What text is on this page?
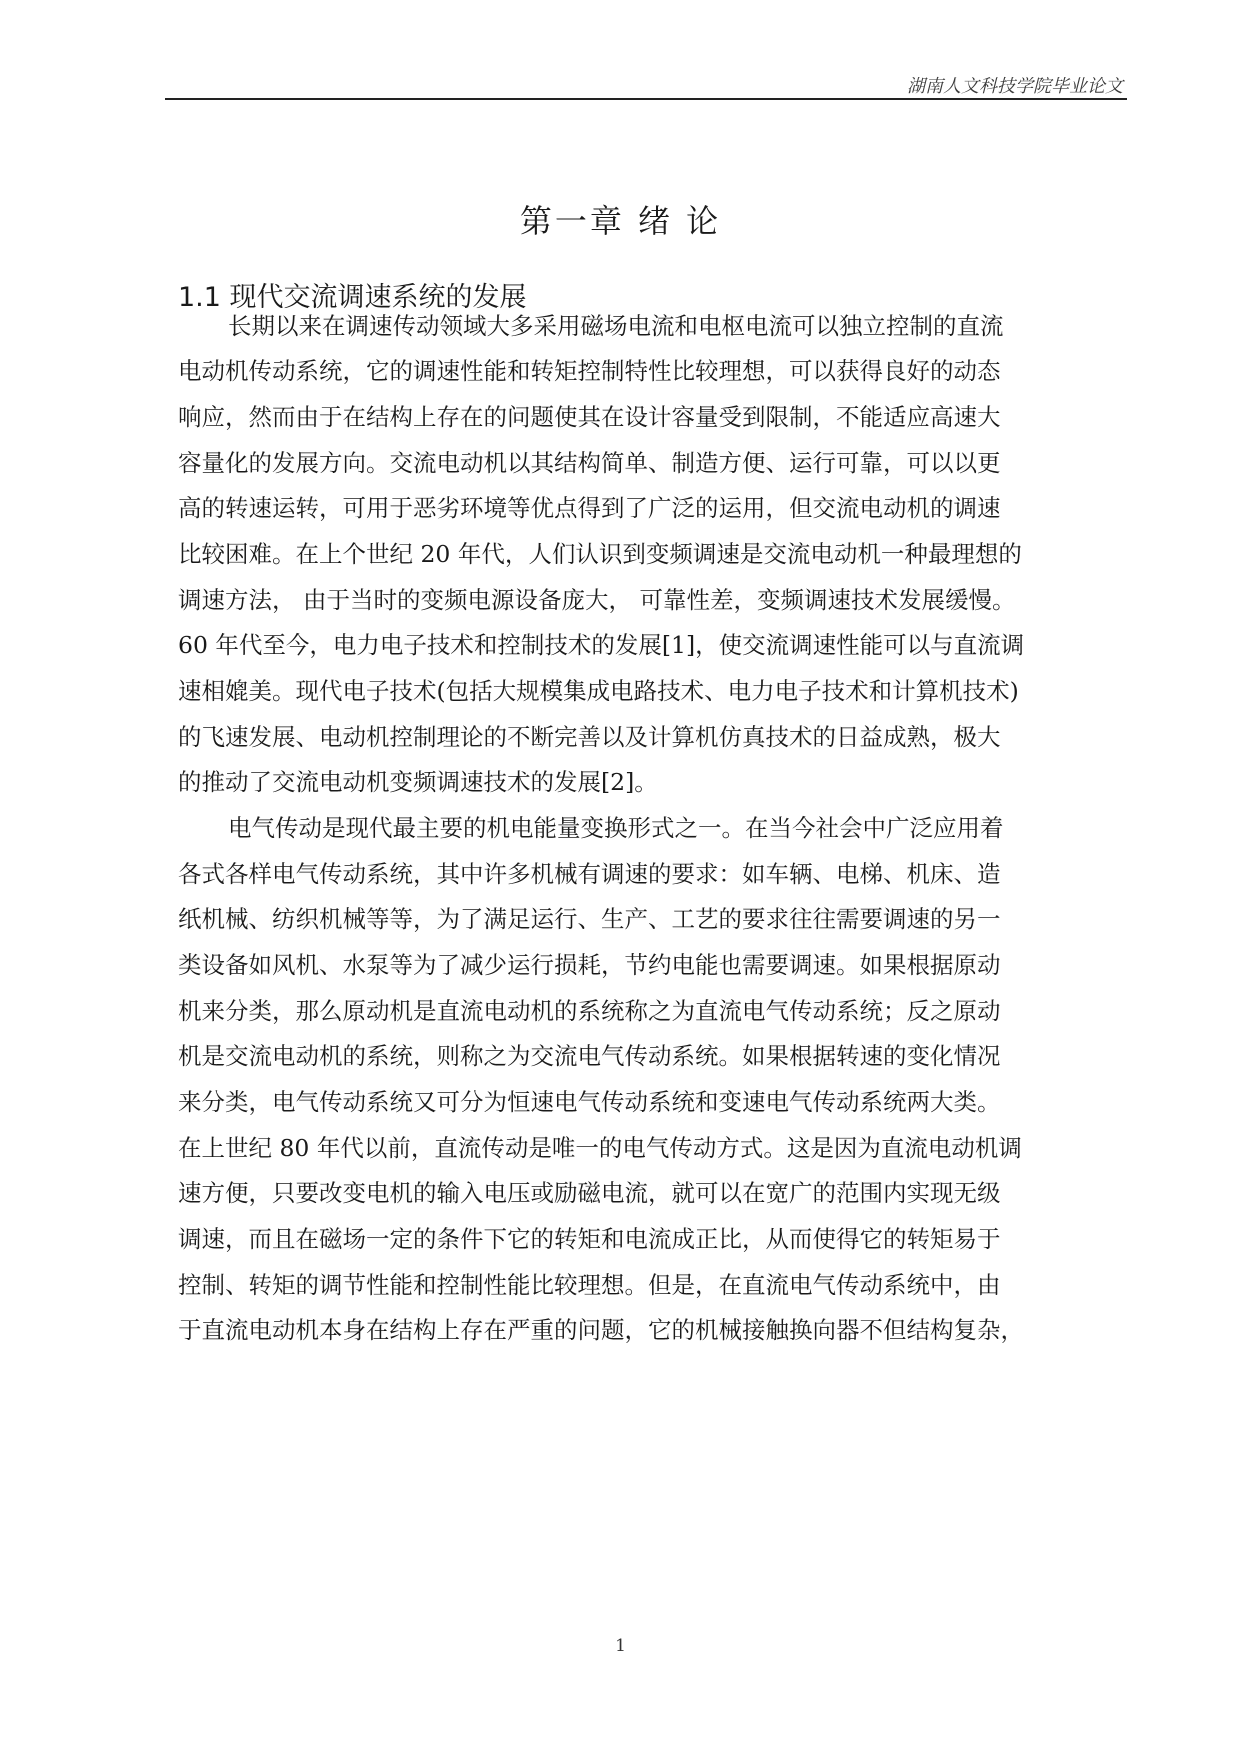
湖南人文科技学院毕业论文
第一章 绪 论
1.1 现代交流调速系统的发展
长期以来在调速传动领域大多采用磁场电流和电枢电流可以独立控制的直流
电动机传动系统，它的调速性能和转矩控制特性比较理想，可以获得良好的动态
响应，然而由于在结构上存在的问题使其在设计容量受到限制，不能适应高速大
容量化的发展方向。交流电动机以其结构简单、制造方便、运行可靠，可以以更
高的转速运转，可用于恶劣环境等优点得到了广泛的运用，但交流电动机的调速
比较困难。在上个世纪 20 年代，人们认识到变频调速是交流电动机一种最理想的
调速方法， 由于当时的变频电源设备庞大， 可靠性差，变频调速技术发展缓慢。
60 年代至今，电力电子技术和控制技术的发展[1]，使交流调速性能可以与直流调
速相媲美。现代电子技术(包括大规模集成电路技术、电力电子技术和计算机技术)
的飞速发展、电动机控制理论的不断完善以及计算机仿真技术的日益成熟，极大
的推动了交流电动机变频调速技术的发展[2]。
电气传动是现代最主要的机电能量变换形式之一。在当今社会中广泛应用着
各式各样电气传动系统，其中许多机械有调速的要求：如车辆、电梯、机床、造
纸机械、纺织机械等等，为了满足运行、生产、工艺的要求往往需要调速的另一
类设备如风机、水泵等为了减少运行损耗，节约电能也需要调速。如果根据原动
机来分类，那么原动机是直流电动机的系统称之为直流电气传动系统；反之原动
机是交流电动机的系统，则称之为交流电气传动系统。如果根据转速的变化情况
来分类，电气传动系统又可分为恒速电气传动系统和变速电气传动系统两大类。
在上世纪 80 年代以前，直流传动是唯一的电气传动方式。这是因为直流电动机调
速方便，只要改变电机的输入电压或励磁电流，就可以在宽广的范围内实现无级
调速，而且在磁场一定的条件下它的转矩和电流成正比，从而使得它的转矩易于
控制、转矩的调节性能和控制性能比较理想。但是，在直流电气传动系统中，由
于直流电动机本身在结构上存在严重的问题，它的机械接触换向器不但结构复杂，
1
